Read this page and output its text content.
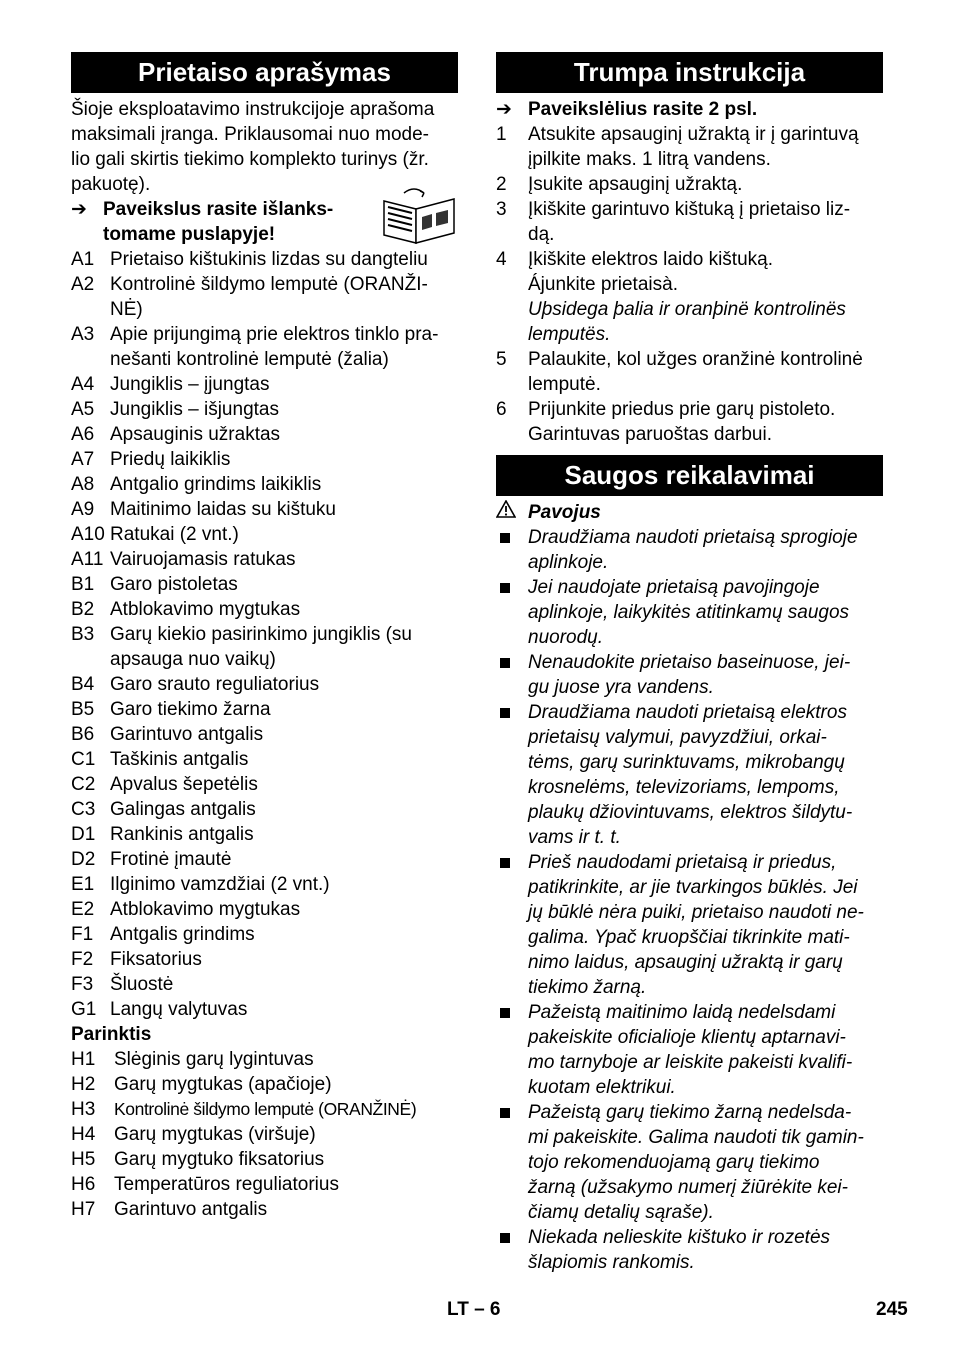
Prietaiso aprašymas
Šioje eksploatavimo instrukcijoje aprašoma
maksimali įranga. Priklausomai nuo mode-
lio gali skirtis tiekimo komplekto turinys (žr.
pakuotę).
➔ Paveikslus rasite išlanks-
tomame puslapyje!
A1 Prietaiso kištukinis lizdas su dangteliu
A2 Kontrolinė šildymo lemputė (ORANŽI-
NĖ)
A3 Apie prijungimą prie elektros tinklo pra-
nešanti kontrolinė lemputė (žalia)
A4 Jungiklis – įjungtas
A5 Jungiklis – išjungtas
A6 Apsauginis užraktas
A7 Priedų laikiklis
A8 Antgalio grindims laikiklis
A9 Maitinimo laidas su kištuku
A10 Ratukai (2 vnt.)
A11 Vairuojamasis ratukas
B1 Garo pistoletas
B2 Atblokavimo mygtukas
B3 Garų kiekio pasirinkimo jungiklis (su
apsauga nuo vaikų)
B4 Garo srauto reguliatorius
B5 Garo tiekimo žarna
B6 Garintuvo antgalis
C1 Taškinis antgalis
C2 Apvalus šepetėlis
C3 Galingas antgalis
D1 Rankinis antgalis
D2 Frotinė įmautė
E1 Ilginimo vamzdžiai (2 vnt.)
E2 Atblokavimo mygtukas
F1 Antgalis grindims
F2 Fiksatorius
F3 Šluostė
G1 Langų valytuvas
Parinktis
H1 Slėginis garų lygintuvas
H2 Garų mygtukas (apačioje)
H3	Kontrolinė šildymo lemputė (ORANŽINĖ)
H4 Garų mygtukas (viršuje)
H5 Garų mygtuko fiksatorius
H6 Temperatūros reguliatorius
H7 Garintuvo antgalis
Trumpa instrukcija
➔ Paveikslėlius rasite 2 psl.
1	Atsukite apsauginį užraktą ir į garintuvą
įpilkite maks. 1 litrą vandens.
2	Įsukite apsauginį užraktą.
3	Įkiškite garintuvo kištuką į prietaiso liz-
dą.
4	Įkiškite elektros laido kištuką.
Ájunkite prietaisà.
Uþsidega þalia ir oranþinë kontrolinës
lemputës.
5	Palaukite, kol užges oranžinė kontrolinė
lemputė.
6	Prijunkite priedus prie garų pistoleto.
Garintuvas paruoštas darbui.
Saugos reikalavimai
Pavojus
Draudžiama naudoti prietaisą sprogioje
aplinkoje.
Jei naudojate prietaisą pavojingoje
aplinkoje, laikykitės atitinkamų saugos
nuorodų.
Nenaudokite prietaiso baseinuose, jei-
gu juose yra vandens.
Draudžiama naudoti prietaisą elektros
prietaisų valymui, pavyzdžiui, orkai-
tėms, garų surinktuvams, mikrobangų
krosnelėms, televizoriams, lempoms,
plaukų džiovintuvams, elektros šildytu-
vams ir t. t.
Prieš naudodami prietaisą ir priedus,
patikrinkite, ar jie tvarkingos būklės. Jei
jų būklė nėra puiki, prietaiso naudoti ne-
galima. Ypač kruopščiai tikrinkite mati-
nimo laidus, apsauginį užraktą ir garų
tiekimo žarną.
Pažeistą maitinimo laidą nedelsdami
pakeiskite oficialioje klientų aptarnavi-
mo tarnyboje ar leiskite pakeisti kvalifi-
kuotam elektrikui.
Pažeistą garų tiekimo žarną nedelsda-
mi pakeiskite. Galima naudoti tik gamin-
tojo rekomenduojamą garų tiekimo
žarną (užsakymo numerį žiūrėkite kei-
čiamų detalių sąraše).
Niekada nelieskite kištuko ir rozetės
šlapiomis rankomis.
LT – 6	245
